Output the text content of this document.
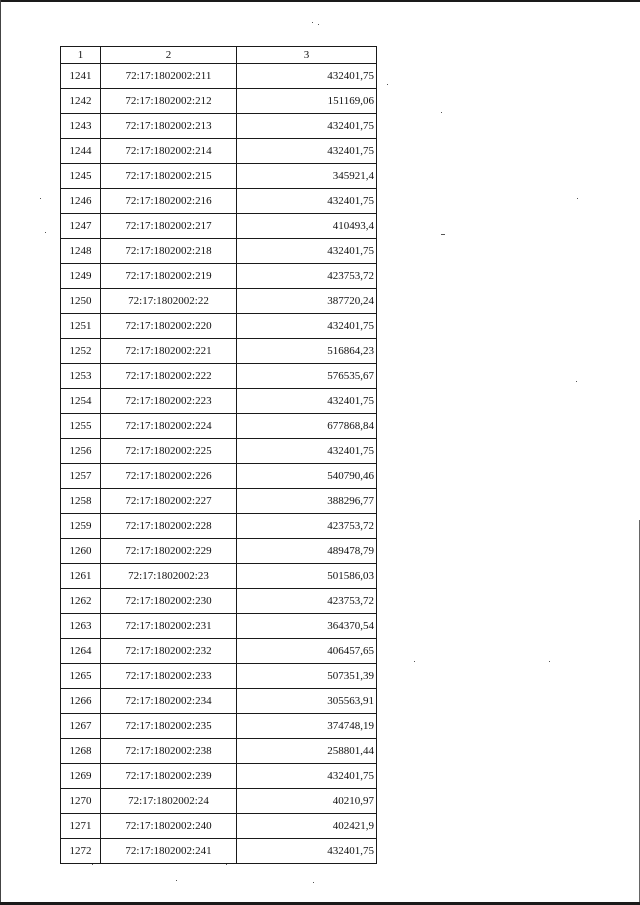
1	2	3
1241	72:17:1802002:211	432401,75
1242	72:17:1802002:212	151169,06
1243	72:17:1802002:213	432401,75
1244	72:17:1802002:214	432401,75
1245	72:17:1802002:215	345921,4
1246	72:17:1802002:216	432401,75
1247	72:17:1802002:217	410493,4
1248	72:17:1802002:218	432401,75
1249	72:17:1802002:219	423753,72
1250	72:17:1802002:22	387720,24
1251	72:17:1802002:220	432401,75
1252	72:17:1802002:221	516864,23
1253	72:17:1802002:222	576535,67
1254	72:17:1802002:223	432401,75
1255	72:17:1802002:224	677868,84
1256	72:17:1802002:225	432401,75
1257	72:17:1802002:226	540790,46
1258	72:17:1802002:227	388296,77
1259	72:17:1802002:228	423753,72
1260	72:17:1802002:229	489478,79
1261	72:17:1802002:23	501586,03
1262	72:17:1802002:230	423753,72
1263	72:17:1802002:231	364370,54
1264	72:17:1802002:232	406457,65
1265	72:17:1802002:233	507351,39
1266	72:17:1802002:234	305563,91
1267	72:17:1802002:235	374748,19
1268	72:17:1802002:238	258801,44
1269	72:17:1802002:239	432401,75
1270	72:17:1802002:24	40210,97
1271	72:17:1802002:240	402421,9
1272	72:17:1802002:241	432401,75
